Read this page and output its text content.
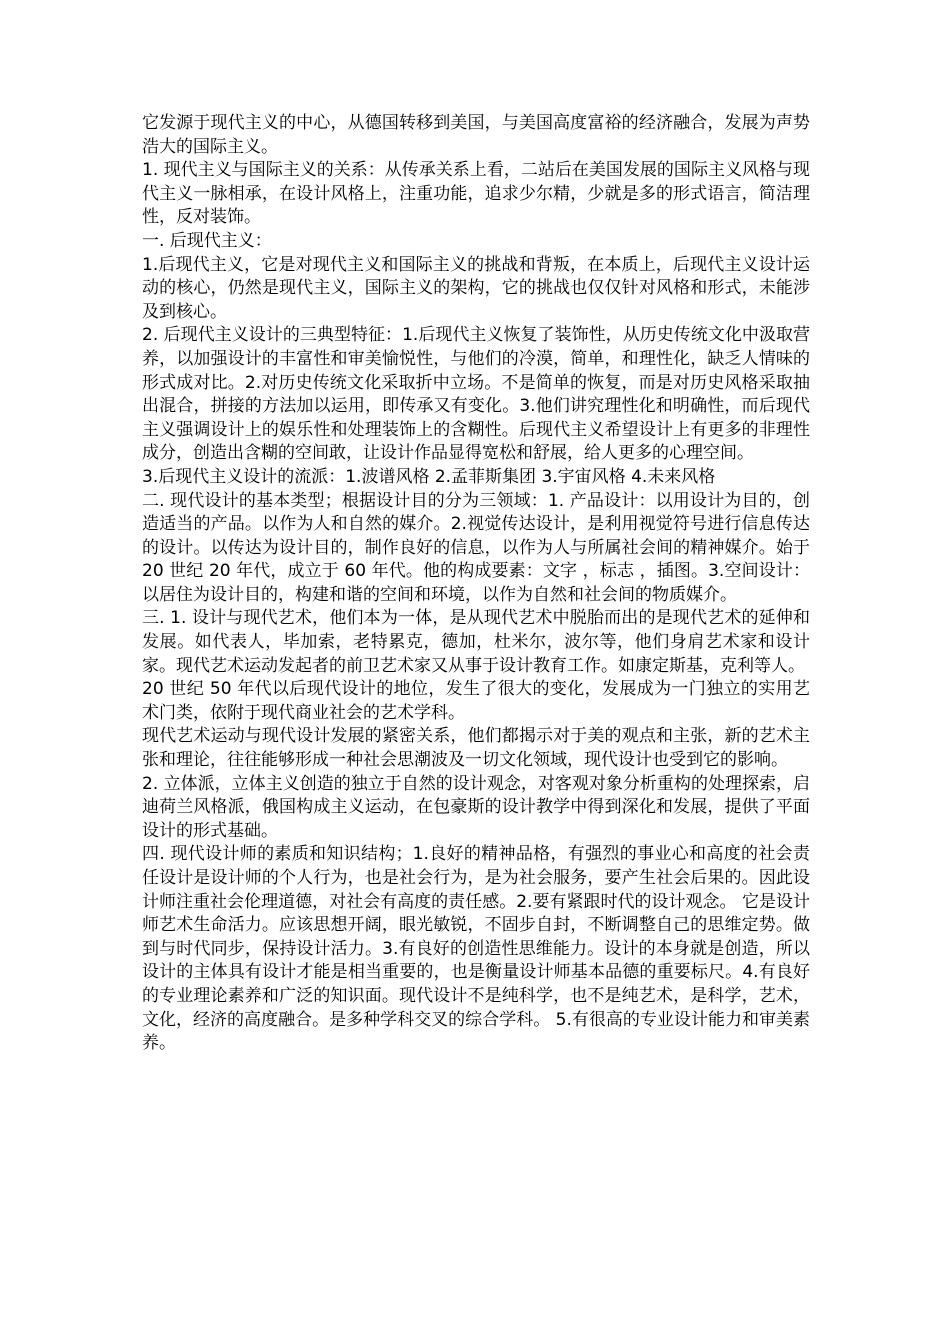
它发源于现代主义的中心，从德国转移到美国，与美国高度富裕的经济融合，发展为声势浩大的国际主义。

1. 现代主义与国际主义的关系：从传承关系上看，二站后在美国发展的国际主义风格与现代主义一脉相承，在设计风格上，注重功能，追求少尔精，少就是多的形式语言，简洁理性，反对装饰。

一. 后现代主义：

1.后现代主义，它是对现代主义和国际主义的挑战和背叛，在本质上，后现代主义设计运动的核心，仍然是现代主义，国际主义的架构，它的挑战也仅仅针对风格和形式，未能涉及到核心。

2. 后现代主义设计的三典型特征：1.后现代主义恢复了装饰性，从历史传统文化中汲取营养，以加强设计的丰富性和审美愉悦性，与他们的冷漠，简单，和理性化，缺乏人情味的形式成对比。2.对历史传统文化采取折中立场。不是简单的恢复，而是对历史风格采取抽出混合，拼接的方法加以运用，即传承又有变化。3.他们讲究理性化和明确性，而后现代主义强调设计上的娱乐性和处理装饰上的含糊性。后现代主义希望设计上有更多的非理性成分，创造出含糊的空间敢，让设计作品显得宽松和舒展，给人更多的心理空间。

3.后现代主义设计的流派：1.波谱风格 2.孟菲斯集团 3.宇宙风格 4.未来风格

二. 现代设计的基本类型；根据设计目的分为三领域：1. 产品设计：以用设计为目的，创造适当的产品。以作为人和自然的媒介。2.视觉传达设计，是利用视觉符号进行信息传达的设计。以传达为设计目的，制作良好的信息，以作为人与所属社会间的精神媒介。始于 20 世纪 20 年代，成立于 60 年代。他的构成要素：文字 ，标志 ，插图。3.空间设计：以居住为设计目的，构建和谐的空间和环境，以作为自然和社会间的物质媒介。

三. 1. 设计与现代艺术，他们本为一体，是从现代艺术中脱胎而出的是现代艺术的延伸和发展。如代表人，毕加索，老特累克，德加，杜米尔，波尔等，他们身肩艺术家和设计家。现代艺术运动发起者的前卫艺术家又从事于设计教育工作。如康定斯基，克利等人。

20 世纪 50 年代以后现代设计的地位，发生了很大的变化，发展成为一门独立的实用艺术门类，依附于现代商业社会的艺术学科。

现代艺术运动与现代设计发展的紧密关系，他们都揭示对于美的观点和主张，新的艺术主张和理论，往往能够形成一种社会思潮波及一切文化领域，现代设计也受到它的影响。

2. 立体派，立体主义创造的独立于自然的设计观念，对客观对象分析重构的处理探索，启迪荷兰风格派，俄国构成主义运动，在包豪斯的设计教学中得到深化和发展，提供了平面设计的形式基础。

四. 现代设计师的素质和知识结构；1.良好的精神品格，有强烈的事业心和高度的社会责任设计是设计师的个人行为，也是社会行为，是为社会服务，要产生社会后果的。因此设计师注重社会伦理道德，对社会有高度的责任感。2.要有紧跟时代的设计观念。 它是设计师艺术生命活力。应该思想开阔，眼光敏锐，不固步自封，不断调整自己的思维定势。做到与时代同步，保持设计活力。3.有良好的创造性思维能力。设计的本身就是创造，所以设计的主体具有设计才能是相当重要的，也是衡量设计师基本品德的重要标尺。4.有良好的专业理论素养和广泛的知识面。现代设计不是纯科学，也不是纯艺术，是科学，艺术，文化，经济的高度融合。是多种学科交叉的综合学科。 5.有很高的专业设计能力和审美素养。
